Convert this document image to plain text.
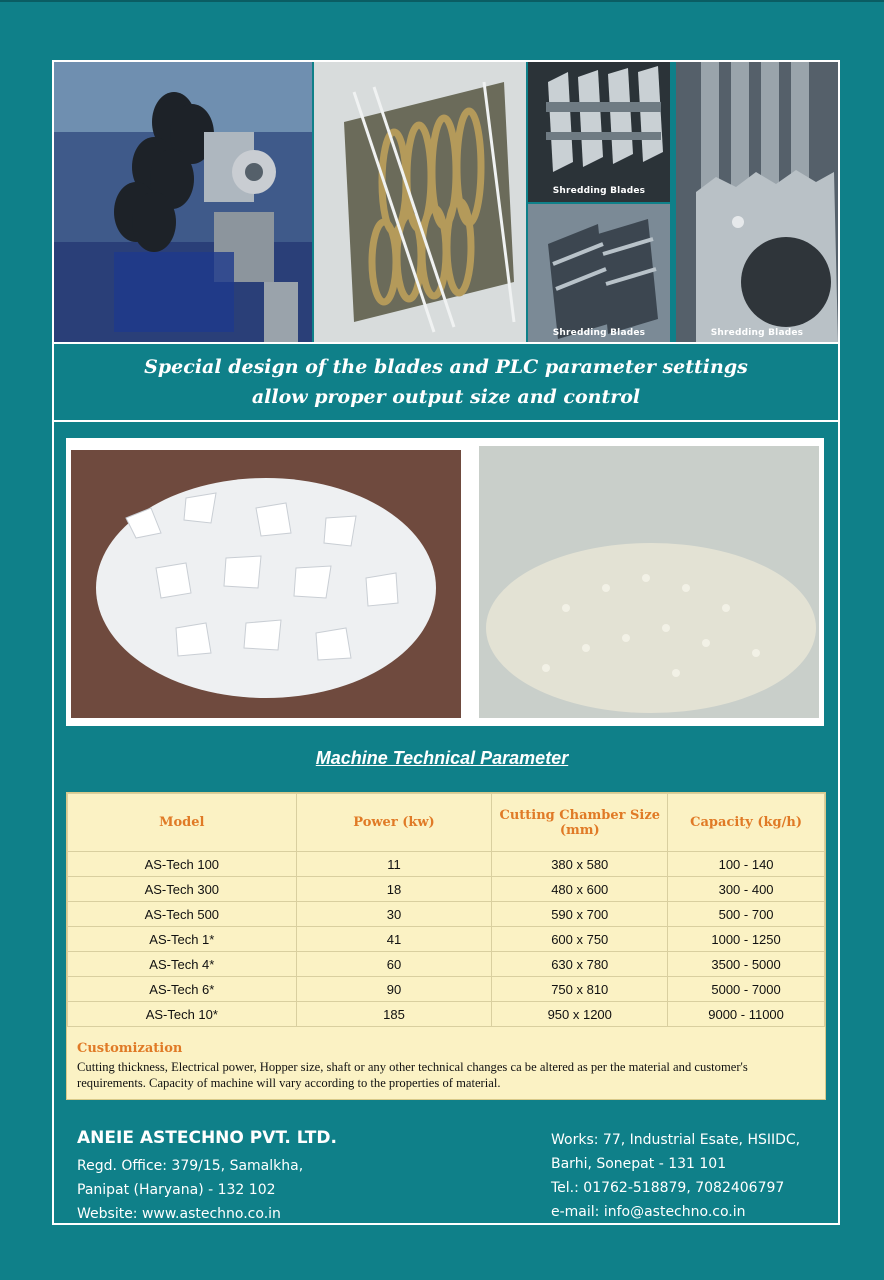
Shredding Blades
Shredding Blades	Shredding Blades
Special design of the blades and PLC parameter settings
allow proper output size and control
Machine Technical Parameter
Model	Power (kw)	Cutting Chamber Size (mm)	Capacity (kg/h)
AS-Tech 100	11	380 x 580	100 - 140
AS-Tech 300	18	480 x 600	300 - 400
AS-Tech 500	30	590 x 700	500 - 700
AS-Tech 1*	41	600 x 750	1000 - 1250
AS-Tech 4*	60	630 x 780	3500 - 5000
AS-Tech 6*	90	750 x 810	5000 - 7000
AS-Tech 10*	185	950 x 1200	9000 - 11000
Customization
Cutting thickness, Electrical power, Hopper size, shaft or any other technical changes ca be altered as per the material and customer's requirements. Capacity of machine will vary according to the properties of material.
ANEIE ASTECHNO PVT. LTD.
Regd. Office: 379/15, Samalkha,
Panipat (Haryana) - 132 102
Website: www.astechno.co.in
Works: 77, Industrial Esate, HSIIDC,
Barhi, Sonepat - 131 101
Tel.: 01762-518879, 7082406797
e-mail: info@astechno.co.in
